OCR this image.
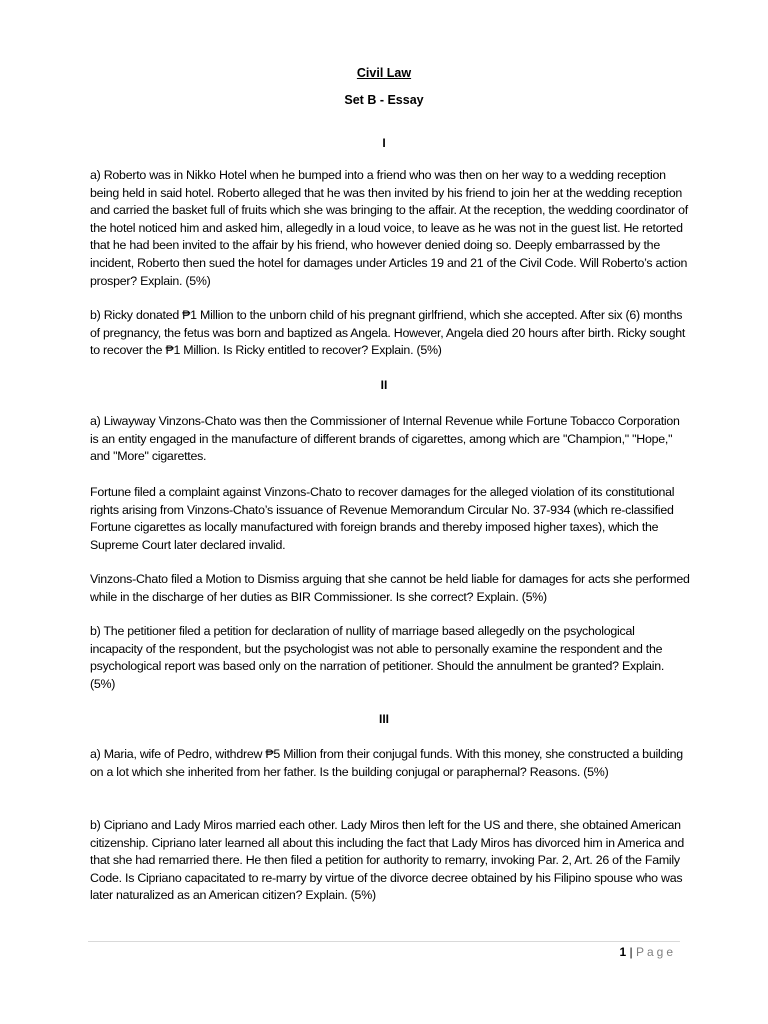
Civil Law
Set B - Essay
I

a) Roberto was in Nikko Hotel when he bumped into a friend who was then on her way to a wedding reception being held in said hotel. Roberto alleged that he was then invited by his friend to join her at the wedding reception and carried the basket full of fruits which she was bringing to the affair. At the reception, the wedding coordinator of the hotel noticed him and asked him, allegedly in a loud voice, to leave as he was not in the guest list. He retorted that he had been invited to the affair by his friend, who however denied doing so. Deeply embarrassed by the incident, Roberto then sued the hotel for damages under Articles 19 and 21 of the Civil Code. Will Roberto’s action prosper? Explain. (5%)

b) Ricky donated ₱1 Million to the unborn child of his pregnant girlfriend, which she accepted. After six (6) months of pregnancy, the fetus was born and baptized as Angela. However, Angela died 20 hours after birth. Ricky sought to recover the ₱1 Million. Is Ricky entitled to recover? Explain. (5%)

II

a) Liwayway Vinzons-Chato was then the Commissioner of Internal Revenue while Fortune Tobacco Corporation is an entity engaged in the manufacture of different brands of cigarettes, among which are "Champion," "Hope," and "More" cigarettes.

Fortune filed a complaint against Vinzons-Chato to recover damages for the alleged violation of its constitutional rights arising from Vinzons-Chato’s issuance of Revenue Memorandum Circular No. 37-934 (which re-classified Fortune cigarettes as locally manufactured with foreign brands and thereby imposed higher taxes), which the Supreme Court later declared invalid.

Vinzons-Chato filed a Motion to Dismiss arguing that she cannot be held liable for damages for acts she performed while in the discharge of her duties as BIR Commissioner. Is she correct? Explain. (5%)

b) The petitioner filed a petition for declaration of nullity of marriage based allegedly on the psychological incapacity of the respondent, but the psychologist was not able to personally examine the respondent and the psychological report was based only on the narration of petitioner. Should the annulment be granted? Explain. (5%)

III

a) Maria, wife of Pedro, withdrew ₱5 Million from their conjugal funds. With this money, she constructed a building on a lot which she inherited from her father. Is the building conjugal or paraphernal? Reasons. (5%)

b) Cipriano and Lady Miros married each other. Lady Miros then left for the US and there, she obtained American citizenship. Cipriano later learned all about this including the fact that Lady Miros has divorced him in America and that she had remarried there. He then filed a petition for authority to remarry, invoking Par. 2, Art. 26 of the Family Code. Is Cipriano capacitated to re-marry by virtue of the divorce decree obtained by his Filipino spouse who was later naturalized as an American citizen? Explain. (5%)

1 | Page
